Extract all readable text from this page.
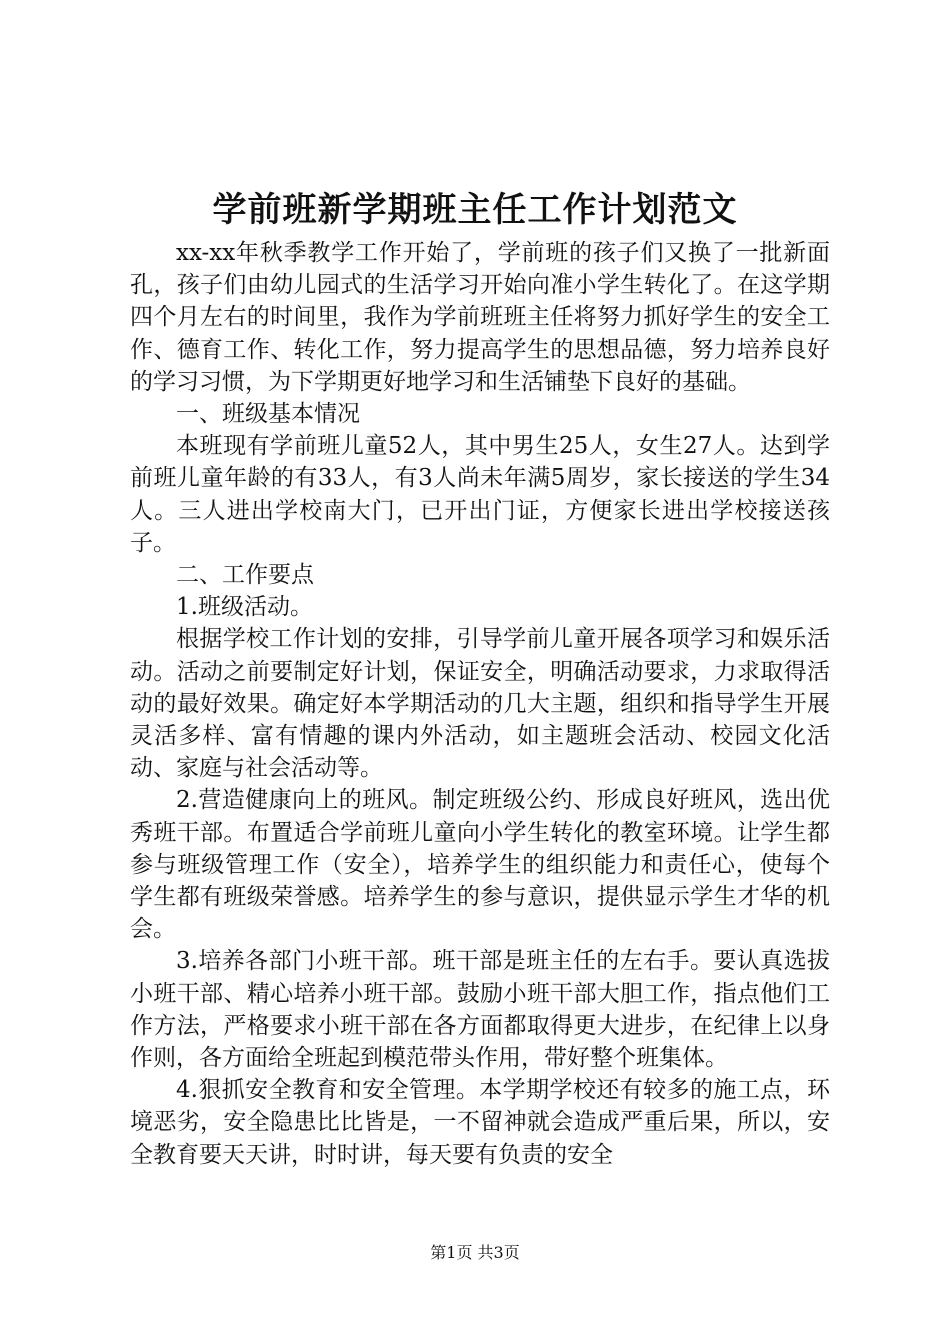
学前班新学期班主任工作计划范文

xx-xx年秋季教学工作开始了，学前班的孩子们又换了一批新面孔，孩子们由幼儿园式的生活学习开始向准小学生转化了。在这学期四个月左右的时间里，我作为学前班班主任将努力抓好学生的安全工作、德育工作、转化工作，努力提高学生的思想品德，努力培养良好的学习习惯，为下学期更好地学习和生活铺垫下良好的基础。

一、班级基本情况

本班现有学前班儿童52人，其中男生25人，女生27人。达到学前班儿童年龄的有33人，有3人尚未年满5周岁，家长接送的学生34人。三人进出学校南大门，已开出门证，方便家长进出学校接送孩子。

二、工作要点

1.班级活动。

根据学校工作计划的安排，引导学前儿童开展各项学习和娱乐活动。活动之前要制定好计划，保证安全，明确活动要求，力求取得活动的最好效果。确定好本学期活动的几大主题，组织和指导学生开展灵活多样、富有情趣的课内外活动，如主题班会活动、校园文化活动、家庭与社会活动等。

2.营造健康向上的班风。制定班级公约、形成良好班风，选出优秀班干部。布置适合学前班儿童向小学生转化的教室环境。让学生都参与班级管理工作（安全），培养学生的组织能力和责任心，使每个学生都有班级荣誉感。培养学生的参与意识，提供显示学生才华的机会。

3.培养各部门小班干部。班干部是班主任的左右手。要认真选拔小班干部、精心培养小班干部。鼓励小班干部大胆工作，指点他们工作方法，严格要求小班干部在各方面都取得更大进步，在纪律上以身作则，各方面给全班起到模范带头作用，带好整个班集体。

4.狠抓安全教育和安全管理。本学期学校还有较多的施工点，环境恶劣，安全隐患比比皆是，一不留神就会造成严重后果，所以，安全教育要天天讲，时时讲，每天要有负责的安全

第1页 共3页
